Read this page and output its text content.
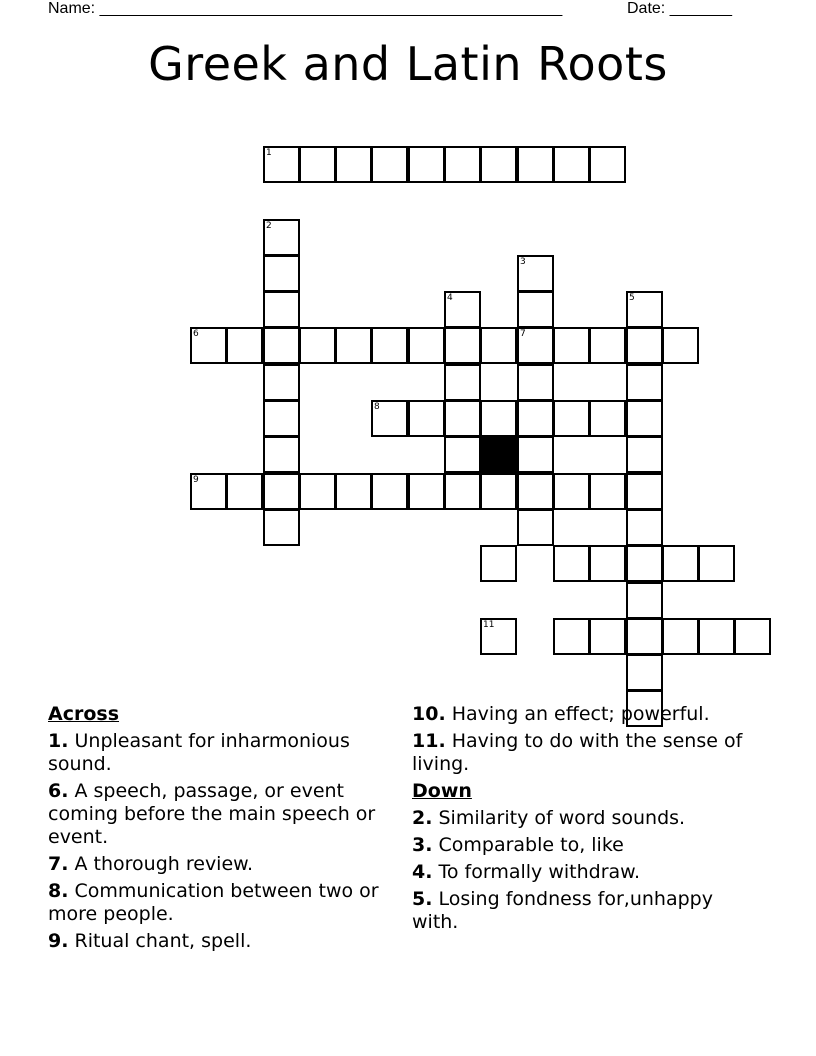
Name: ____________________________________________________	Date: _______
Greek and Latin Roots
1
2
3
7
4	5
6
8
9
11
Across
1. Unpleasant for inharmonious sound.
6. A speech, passage, or event coming before the main speech or event.
7. A thorough review.
8. Communication between two or more people.
9. Ritual chant, spell.
10. Having an effect; powerful.
11. Having to do with the sense of living.
Down
2. Similarity of word sounds.
3. Comparable to, like
4. To formally withdraw.
5. Losing fondness for,unhappy with.
